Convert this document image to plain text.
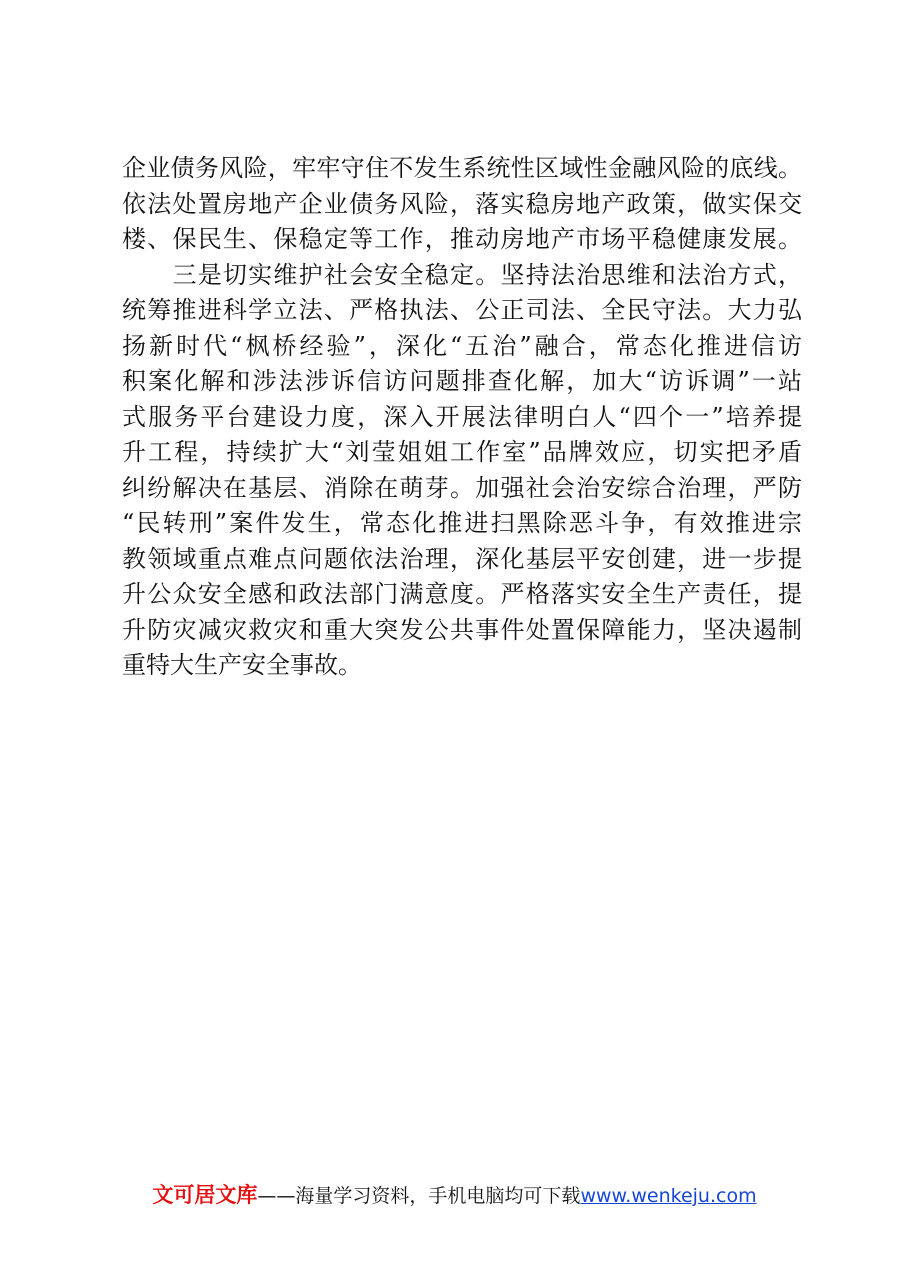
企业债务风险，牢牢守住不发生系统性区域性金融风险的底线。
依法处置房地产企业债务风险，落实稳房地产政策，做实保交
楼、保民生、保稳定等工作，推动房地产市场平稳健康发展。
　　三是切实维护社会安全稳定。坚持法治思维和法治方式，
统筹推进科学立法、严格执法、公正司法、全民守法。大力弘
扬新时代“枫桥经验”，深化“五治”融合，常态化推进信访
积案化解和涉法涉诉信访问题排查化解，加大“访诉调”一站
式服务平台建设力度，深入开展法律明白人“四个一”培养提
升工程，持续扩大“刘莹姐姐工作室”品牌效应，切实把矛盾
纠纷解决在基层、消除在萌芽。加强社会治安综合治理，严防
“民转刑”案件发生，常态化推进扫黑除恶斗争，有效推进宗
教领域重点难点问题依法治理，深化基层平安创建，进一步提
升公众安全感和政法部门满意度。严格落实安全生产责任，提
升防灾减灾救灾和重大突发公共事件处置保障能力，坚决遏制
重特大生产安全事故。
文可居文库——海量学习资料，手机电脑均可下载www.wenkeju.com
